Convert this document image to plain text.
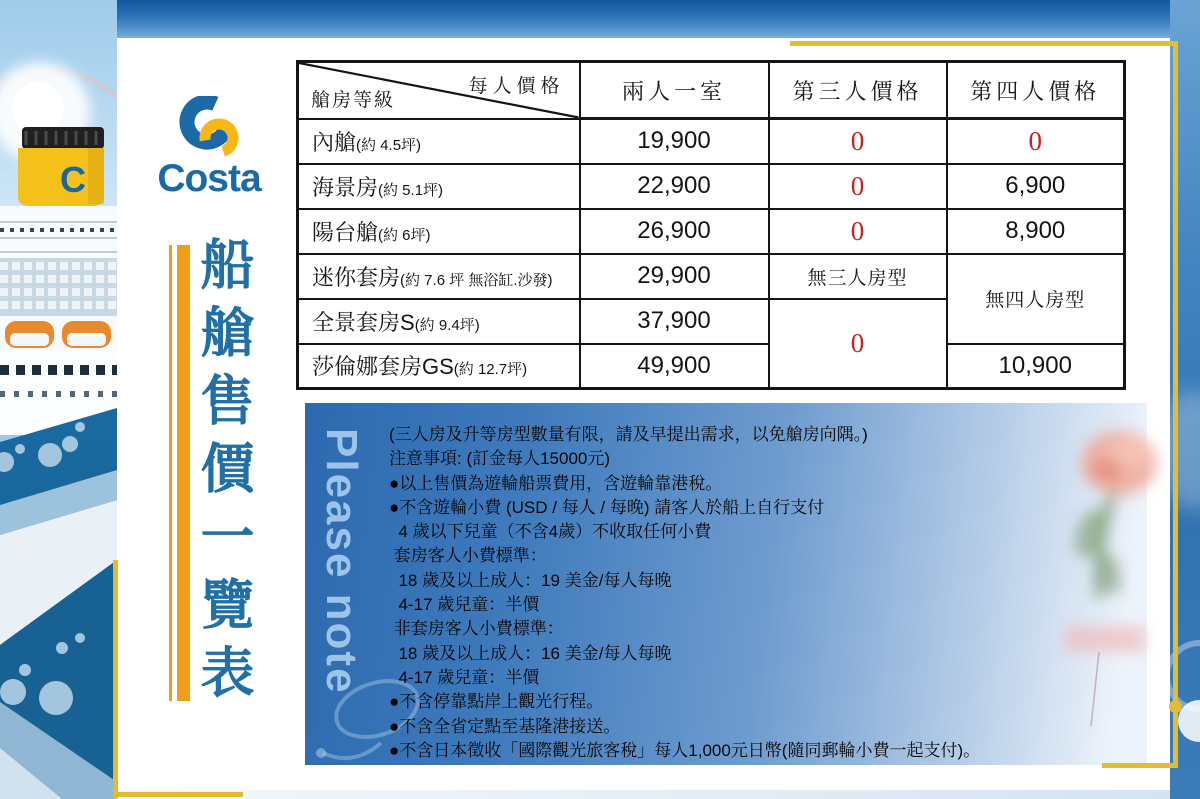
C	Costa
船艙售價一覽表
每人價格
艙房等級	兩人一室	第三人價格	第四人價格
內艙(約 4.5坪)	19,900	0	0
海景房(約 5.1坪)	22,900	0	6,900
陽台艙(約 6坪)	26,900	0	8,900
迷你套房(約 7.6 坪 無浴缸.沙發)	29,900	無三人房型	無四人房型
全景套房S(約 9.4坪)	37,900	0	
莎倫娜套房GS(約 12.7坪)	49,900		10,900
(三人房及升等房型數量有限，請及早提出需求，以免艙房向隅。)
注意事項: (訂金每人15000元)
●以上售價為遊輪船票費用，含遊輪靠港稅。
●不含遊輪小費 (USD / 每人 / 每晚) 請客人於船上自行支付
4 歲以下兒童（不含4歲）不收取任何小費
套房客人小費標準：
18 歲及以上成人：19 美金/每人每晚
4-17 歲兒童：半價
非套房客人小費標準：
18 歲及以上成人：16 美金/每人每晚
4-17 歲兒童：半價
●不含停靠點岸上觀光行程。
●不含全省定點至基隆港接送。
●不含日本徵收「國際觀光旅客稅」每人1,000元日幣(隨同郵輪小費一起支付)。
Please note
